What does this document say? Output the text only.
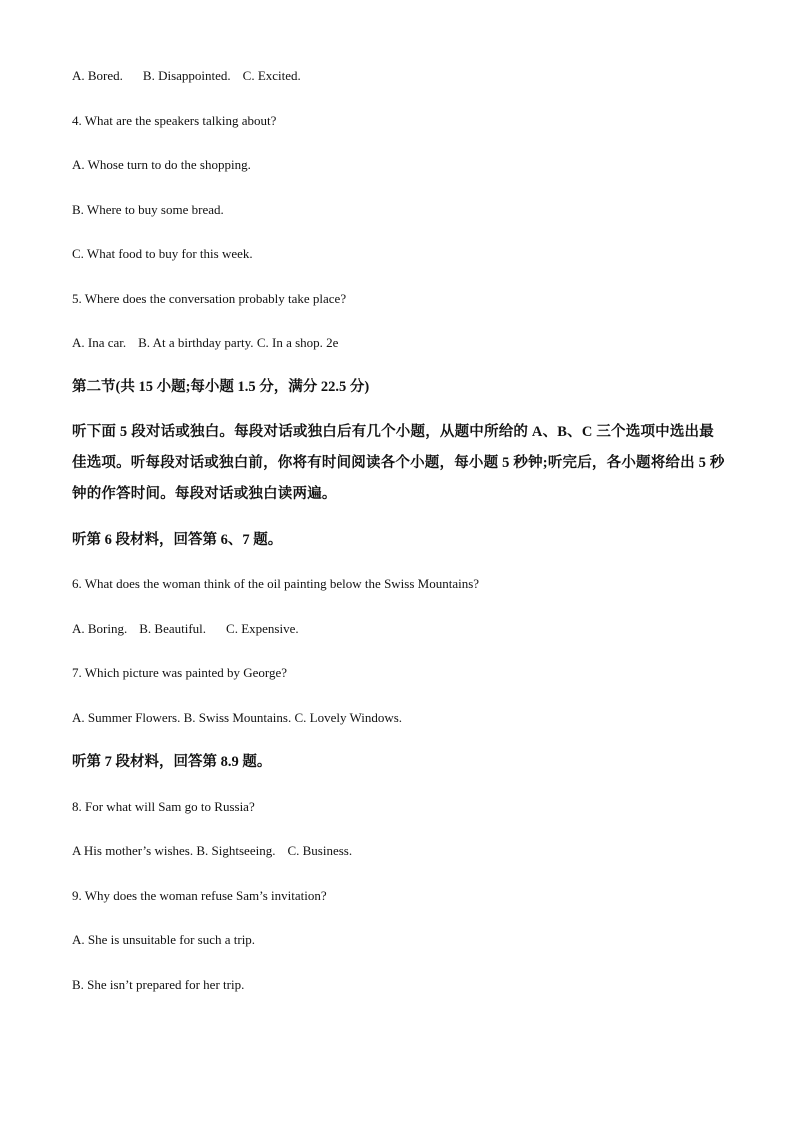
A. Bored. B. Disappointed. C. Excited.
4. What are the speakers talking about?
A. Whose turn to do the shopping.
B. Where to buy some bread.
C. What food to buy for this week.
5. Where does the conversation probably take place?
A. Ina car. B. At a birthday party. C. In a shop. 2e
第二节(共 15 小题;每小题 1.5 分，满分 22.5 分)
听下面 5 段对话或独白。每段对话或独白后有几个小题，从题中所给的 A、B、C 三个选项中选出最佳选项。听每段对话或独白前，你将有时间阅读各个小题，每小题 5 秒钟;听完后，各小题将给出 5 秒钟的作答时间。每段对话或独白读两遍。
听第 6 段材料，回答第 6、7 题。
6. What does the woman think of the oil painting below the Swiss Mountains?
A. Boring. B. Beautiful. C. Expensive.
7. Which picture was painted by George?
A. Summer Flowers. B. Swiss Mountains. C. Lovely Windows.
听第 7 段材料，回答第 8.9 题。
8. For what will Sam go to Russia?
A His mother’s wishes. B. Sightseeing. C. Business.
9. Why does the woman refuse Sam’s invitation?
A. She is unsuitable for such a trip.
B. She isn’t prepared for her trip.
